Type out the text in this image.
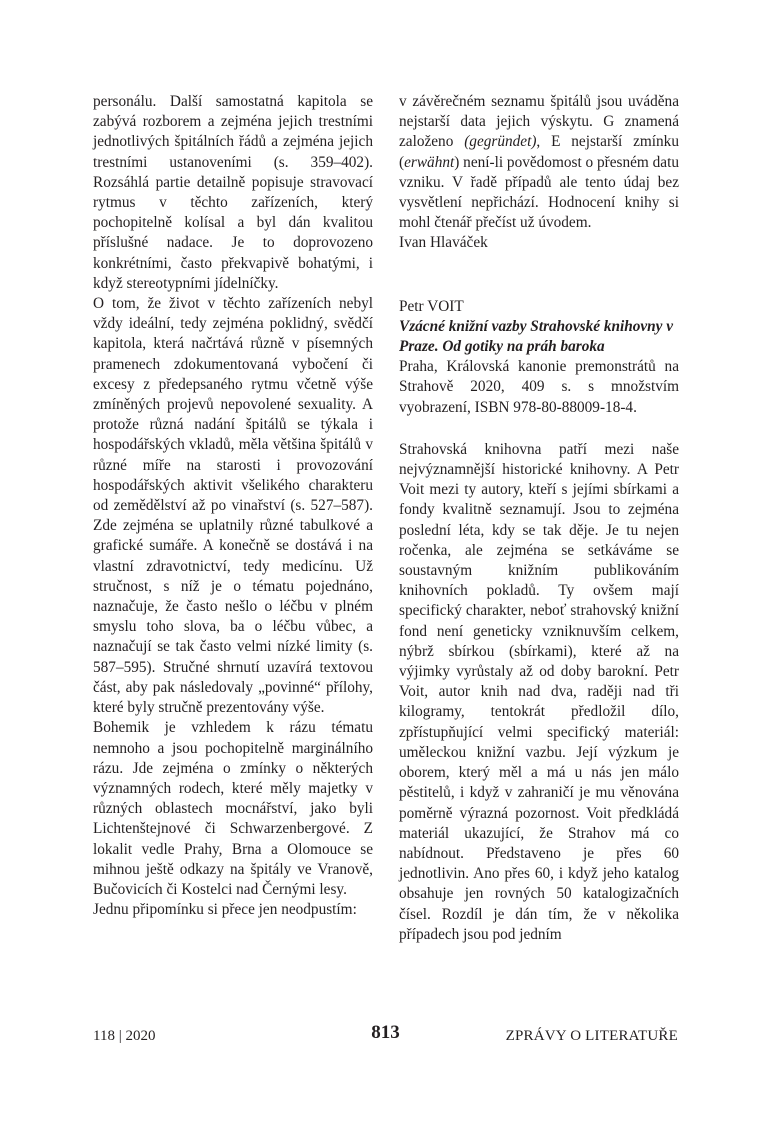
personálu. Další samostatná kapitola se zabývá rozborem a zejména jejich trestními jednotlivých špitálních řádů a zejména jejich trestními ustanoveními (s. 359–402). Rozsáhlá partie detailně popisuje stravovací rytmus v těchto zařízeních, který pochopitelně kolísal a byl dán kvalitou příslušné nadace. Je to doprovozeno konkrétními, často překvapivě bohatými, i když stereotypními jídelníčky.

O tom, že život v těchto zařízeních nebyl vždy ideální, tedy zejména poklidný, svědčí kapitola, která načrtává různě v písemných pramenech zdokumentovaná vybočení či excesy z předepsaného rytmu včetně výše zmíněných projevů nepovolené sexuality. A protože různá nadání špitálů se týkala i hospodářských vkladů, měla většina špitálů v různé míře na starosti i provozování hospodářských aktivit všelikého charakteru od zemědělství až po vinařství (s. 527–587). Zde zejména se uplatnily různé tabulkové a grafické sumáře. A konečně se dostává i na vlastní zdravotnictví, tedy medicínu. Už stručnost, s níž je o tématu pojednáno, naznačuje, že často nešlo o léčbu v plném smyslu toho slova, ba o léčbu vůbec, a naznačují se tak často velmi nízké limity (s. 587–595). Stručné shrnutí uzavírá textovou část, aby pak následovaly „povinné“ přílohy, které byly stručně prezentovány výše.

Bohemik je vzhledem k rázu tématu nemnoho a jsou pochopitelně marginálního rázu. Jde zejména o zmínky o některých významných rodech, které měly majetky v různých oblastech mocnářství, jako byli Lichtenštejnové či Schwarzenbergové. Z lokalit vedle Prahy, Brna a Olomouce se mihnou ještě odkazy na špitály ve Vranově, Bučovicích či Kostelci nad Černými lesy.

Jednu připomínku si přece jen neodpustím:

v závěrečném seznamu špitálů jsou uváděna nejstarší data jejich výskytu. G znamená založeno (gegründet), E nejstarší zmínku (erwähnt) není-li povědomost o přesném datu vzniku. V řadě případů ale tento údaj bez vysvětlení nepřichází. Hodnocení knihy si mohl čtenář přečíst už úvodem.

Ivan Hlaváček

Petr VOIT

Vzácné knižní vazby Strahovské knihovny v Praze. Od gotiky na práh baroka

Praha, Královská kanonie premonstrátů na Strahově 2020, 409 s. s množstvím vyobrazení, ISBN 978-80-88009-18-4.

Strahovská knihovna patří mezi naše nejvýznamnější historické knihovny. A Petr Voit mezi ty autory, kteří s jejími sbírkami a fondy kvalitně seznamují. Jsou to zejména poslední léta, kdy se tak děje. Je tu nejen ročenka, ale zejména se setkáváme se soustavným knižním publikováním knihovních pokladů. Ty ovšem mají specifický charakter, neboť strahovský knižní fond není geneticky vzniknuvším celkem, nýbrž sbírkou (sbírkami), které až na výjimky vyrůstaly až od doby barokní. Petr Voit, autor knih nad dva, raději nad tři kilogramy, tentokrát předložil dílo, zpřístupňující velmi specifický materiál: uměleckou knižní vazbu. Její výzkum je oborem, který měl a má u nás jen málo pěstitelů, i když v zahraničí je mu věnována poměrně výrazná pozornost. Voit předkládá materiál ukazující, že Strahov má co nabídnout. Představeno je přes 60 jednotlivin. Ano přes 60, i když jeho katalog obsahuje jen rovných 50 katalogizačních čísel. Rozdíl je dán tím, že v několika případech jsou pod jedním

118 | 2020	813	ZPRÁVY O LITERATUŘE
